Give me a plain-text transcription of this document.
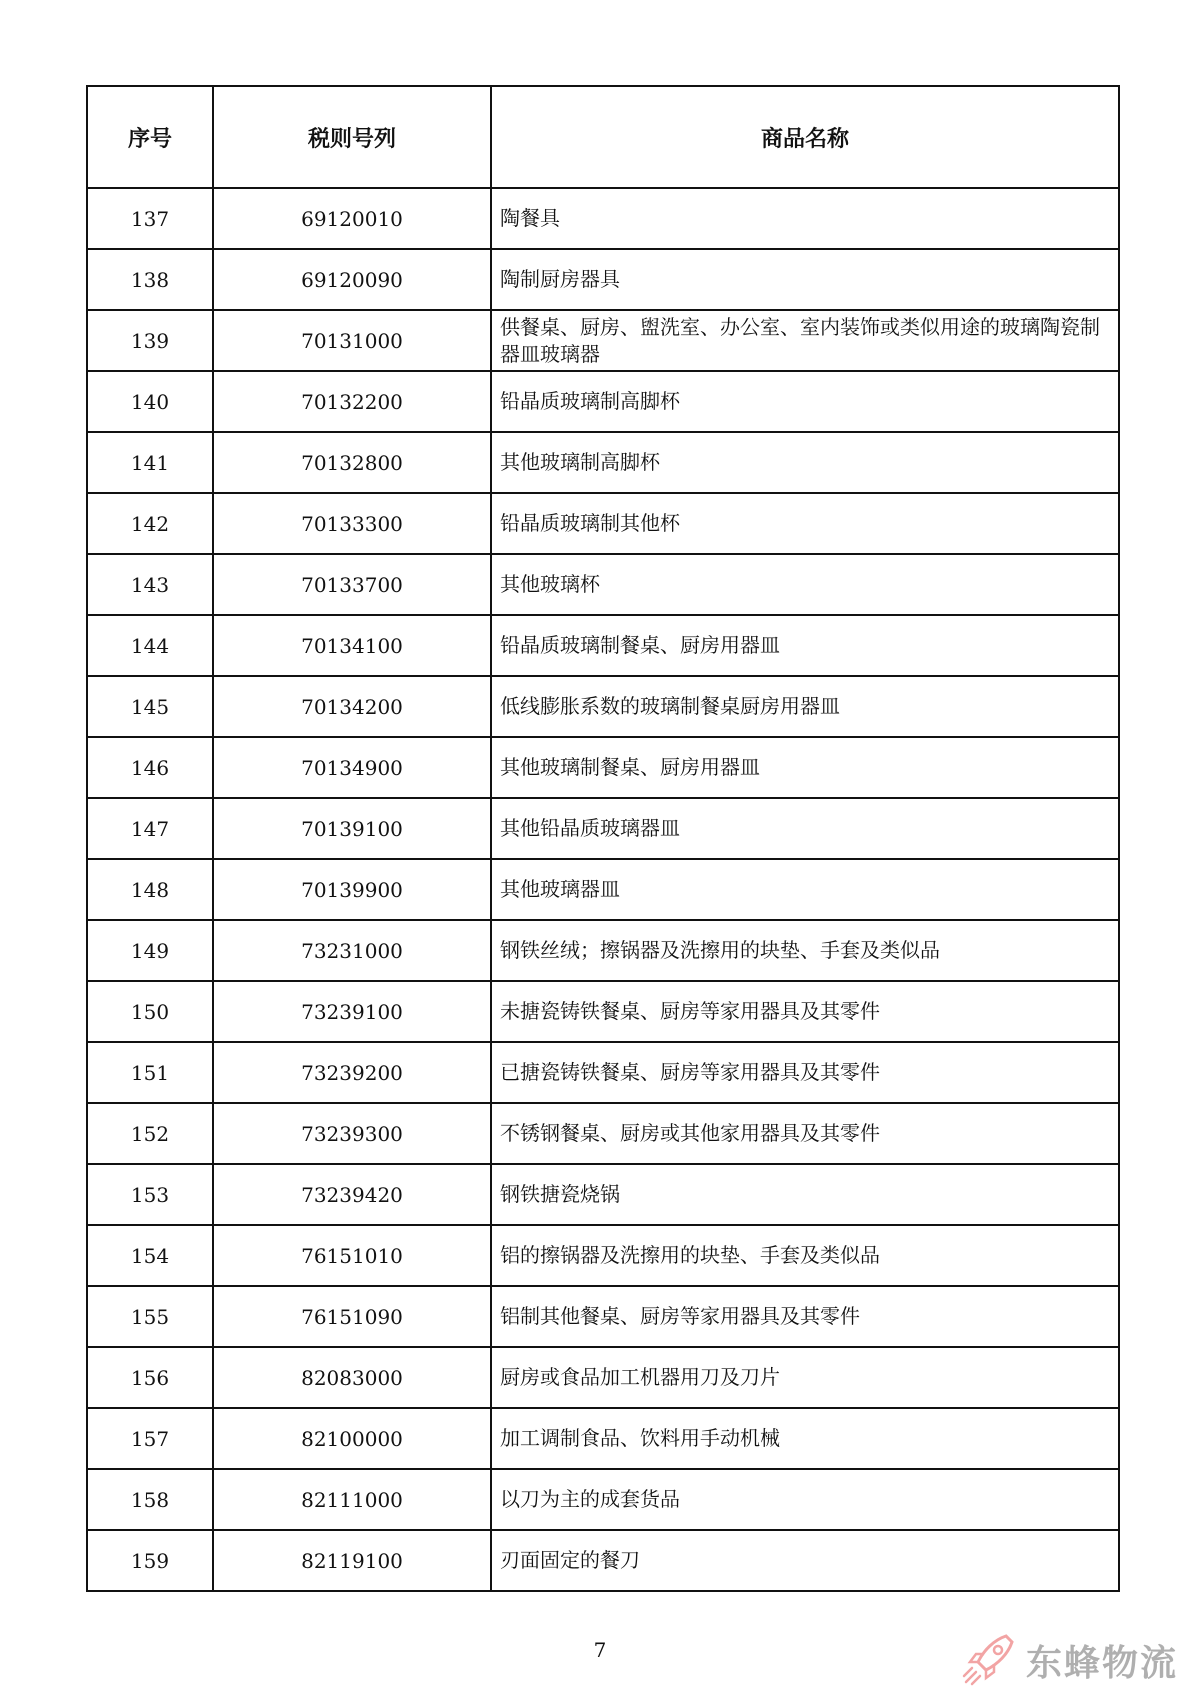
序号	税则号列	商品名称
137	69120010	陶餐具
138	69120090	陶制厨房器具
139	70131000	供餐桌、厨房、盥洗室、办公室、室内装饰或类似用途的玻璃陶瓷制器皿玻璃器
140	70132200	铅晶质玻璃制高脚杯
141	70132800	其他玻璃制高脚杯
142	70133300	铅晶质玻璃制其他杯
143	70133700	其他玻璃杯
144	70134100	铅晶质玻璃制餐桌、厨房用器皿
145	70134200	低线膨胀系数的玻璃制餐桌厨房用器皿
146	70134900	其他玻璃制餐桌、厨房用器皿
147	70139100	其他铅晶质玻璃器皿
148	70139900	其他玻璃器皿
149	73231000	钢铁丝绒；擦锅器及洗擦用的块垫、手套及类似品
150	73239100	未搪瓷铸铁餐桌、厨房等家用器具及其零件
151	73239200	已搪瓷铸铁餐桌、厨房等家用器具及其零件
152	73239300	不锈钢餐桌、厨房或其他家用器具及其零件
153	73239420	钢铁搪瓷烧锅
154	76151010	铝的擦锅器及洗擦用的块垫、手套及类似品
155	76151090	铝制其他餐桌、厨房等家用器具及其零件
156	82083000	厨房或食品加工机器用刀及刀片
157	82100000	加工调制食品、饮料用手动机械
158	82111000	以刀为主的成套货品
159	82119100	刃面固定的餐刀
7	东蜂物流
